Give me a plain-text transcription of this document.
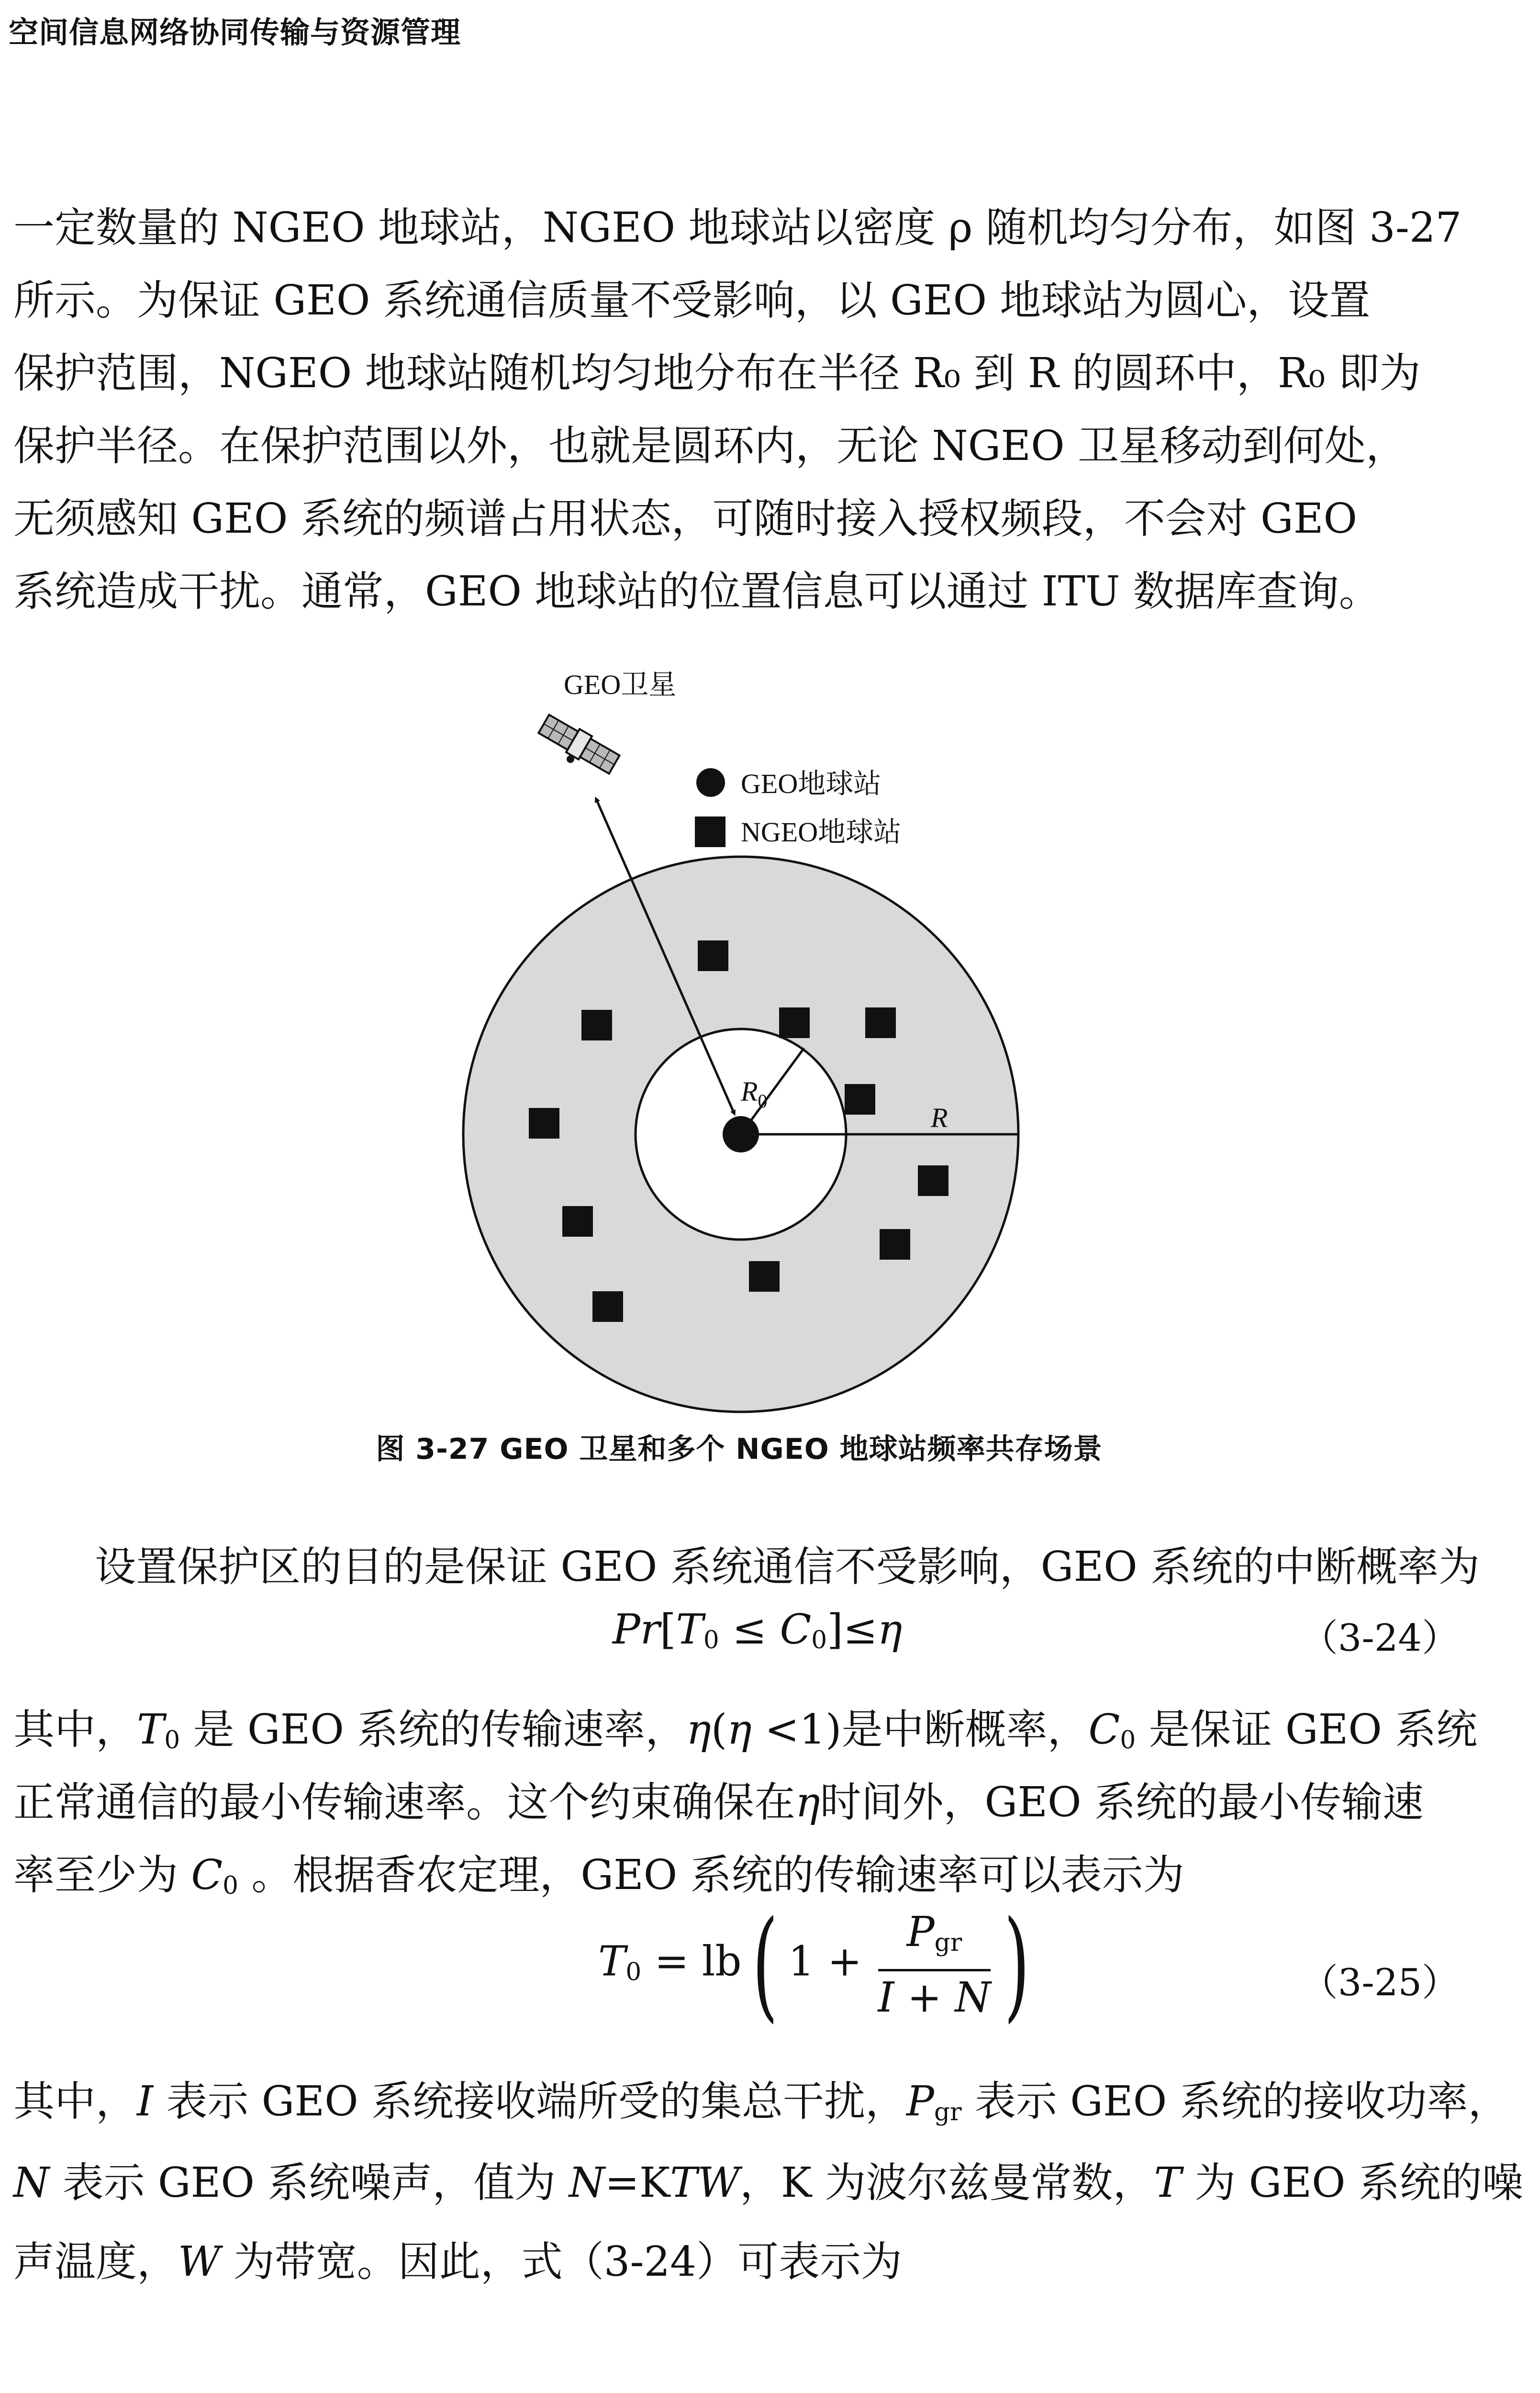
空间信息网络协同传输与资源管理
一定数量的 NGEO 地球站，NGEO 地球站以密度 ρ 随机均匀分布，如图 3-27
所示。为保证 GEO 系统通信质量不受影响，以 GEO 地球站为圆心，设置
保护范围，NGEO 地球站随机均匀地分布在半径 R₀ 到 R 的圆环中，R₀ 即为
保护半径。在保护范围以外，也就是圆环内，无论 NGEO 卫星移动到何处，
无须感知 GEO 系统的频谱占用状态，可随时接入授权频段，不会对 GEO
系统造成干扰。通常，GEO 地球站的位置信息可以通过 ITU 数据库查询。
GEO卫星
GEO地球站
NGEO地球站
R
$R_0$
图 3-27 GEO 卫星和多个 NGEO 地球站频率共存场景
设置保护区的目的是保证 GEO 系统通信不受影响，GEO 系统的中断概率为
$Pr[T_0 \le C_0]\le\eta$	（3-24）
其中，$T_0$ 是 GEO 系统的传输速率，η(η <1)是中断概率，$C_0$ 是保证 GEO 系统
正常通信的最小传输速率。这个约束确保在η时间外，GEO 系统的最小传输速
率至少为 $C_0$ 。根据香农定理，GEO 系统的传输速率可以表示为
$T_0 = lb$( $1 + \frac{P_{gr}}{I + N}$ )	（3-25）
其中，I 表示 GEO 系统接收端所受的集总干扰，$P_{gr}$ 表示 GEO 系统的接收功率，
N 表示 GEO 系统噪声，值为 N=KTW，K 为波尔兹曼常数，T 为 GEO 系统的噪
声温度，W 为带宽。因此，式（3-24）可表示为
